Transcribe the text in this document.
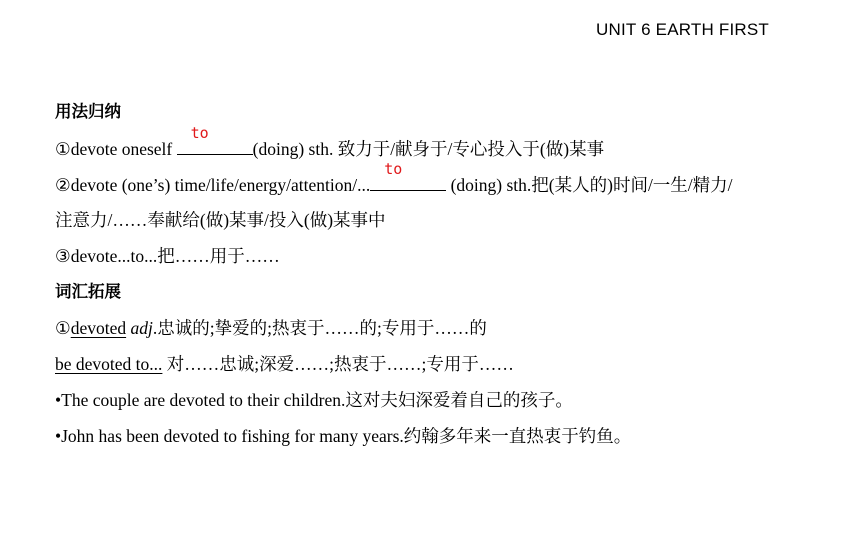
UNIT 6 EARTH FIRST
用法归纳
①devote oneself
to
(doing) sth. 致力于/献身于/专心投入于(做)某事
②devote (one’s) time/life/energy/attention/...
to
(doing) sth.把(某人的)时间/一生/精力/
注意力/……奉献给(做)某事/投入(做)某事中
③devote...to...把……用于……
词汇拓展
①devoted adj.忠诚的;挚爱的;热衷于……的;专用于……的
be devoted to... 对……忠诚;深爱……;热衷于……;专用于……
•The couple are devoted to their children.这对夫妇深爱着自己的孩子。
•John has been devoted to fishing for many years.约翰多年来一直热衷于钓鱼。
